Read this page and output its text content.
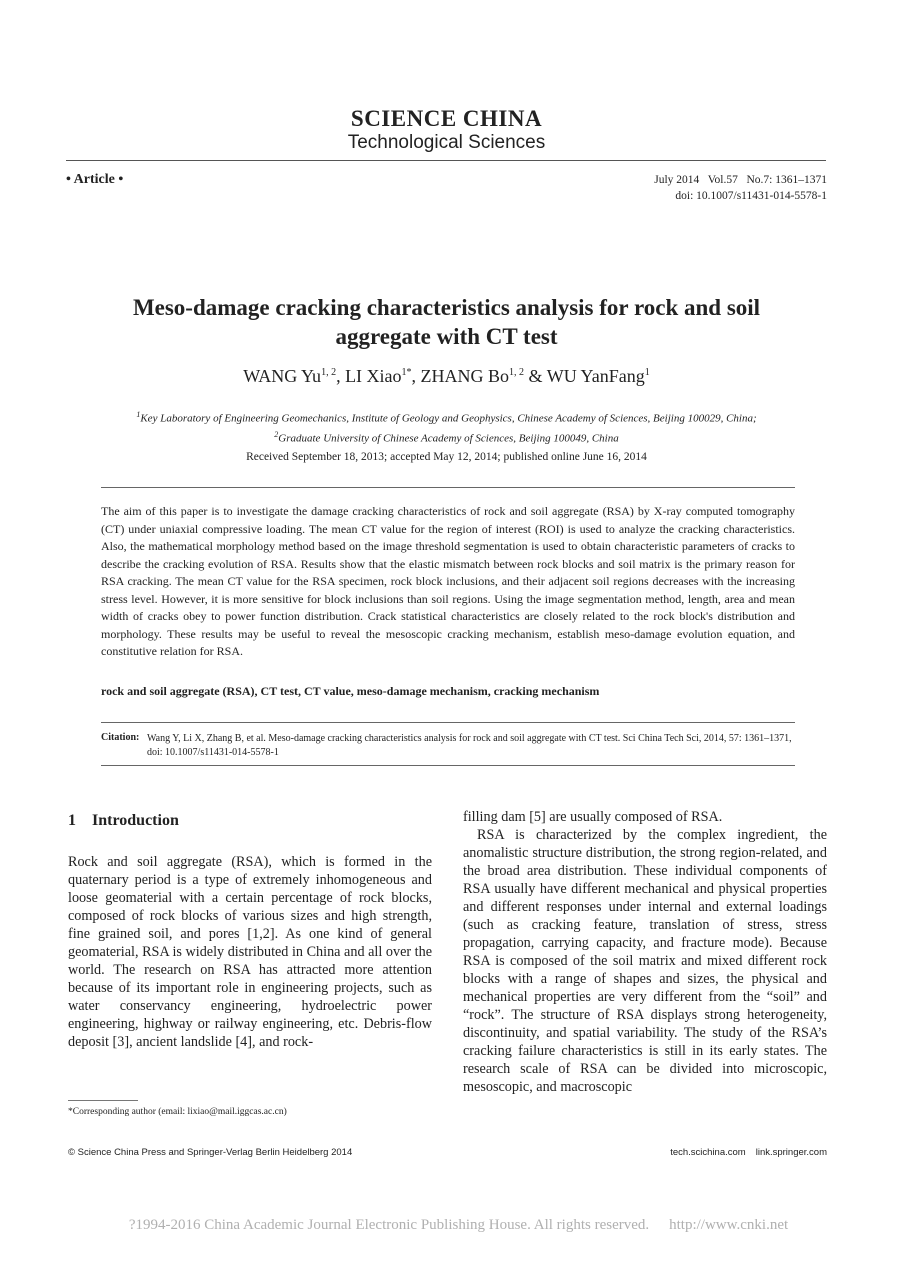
SCIENCE CHINA
Technological Sciences
• Article •	July 2014   Vol.57   No.7: 1361–1371
doi: 10.1007/s11431-014-5578-1
Meso-damage cracking characteristics analysis for rock and soil aggregate with CT test
WANG Yu$^{1, 2}$, LI Xiao$^{1*}$, ZHANG Bo$^{1, 2}$ & WU YanFang$^1$
$^1$Key Laboratory of Engineering Geomechanics, Institute of Geology and Geophysics, Chinese Academy of Sciences, Beijing 100029, China;
$^2$Graduate University of Chinese Academy of Sciences, Beijing 100049, China
Received September 18, 2013; accepted May 12, 2014; published online June 16, 2014
The aim of this paper is to investigate the damage cracking characteristics of rock and soil aggregate (RSA) by X-ray computed tomography (CT) under uniaxial compressive loading. The mean CT value for the region of interest (ROI) is used to analyze the cracking characteristics. Also, the mathematical morphology method based on the image threshold segmentation is used to obtain characteristic parameters of cracks to describe the cracking evolution of RSA. Results show that the elastic mismatch between rock blocks and soil matrix is the primary reason for RSA cracking. The mean CT value for the RSA specimen, rock block inclusions, and their adjacent soil regions decreases with the increasing stress level. However, it is more sensitive for block inclusions than soil regions. Using the image segmentation method, length, area and mean width of cracks obey to power function distribution. Crack statistical characteristics are closely related to the rock block's distribution and morphology. These results may be useful to reveal the mesoscopic cracking mechanism, establish meso-damage evolution equation, and constitutive relation for RSA.
rock and soil aggregate (RSA), CT test, CT value, meso-damage mechanism, cracking mechanism
Citation: Wang Y, Li X, Zhang B, et al. Meso-damage cracking characteristics analysis for rock and soil aggregate with CT test. Sci China Tech Sci, 2014, 57: 1361–1371, doi: 10.1007/s11431-014-5578-1
1 Introduction

Rock and soil aggregate (RSA), which is formed in the quaternary period is a type of extremely inhomogeneous and loose geomaterial with a certain percentage of rock blocks, composed of rock blocks of various sizes and high strength, fine grained soil, and pores [1,2]. As one kind of general geomaterial, RSA is widely distributed in China and all over the world. The research on RSA has attracted more attention because of its important role in engineering projects, such as water conservancy engineering, hydroelectric power engineering, highway or railway engineering, etc. Debris-flow deposit [3], ancient landslide [4], and rock-

filling dam [5] are usually composed of RSA.

RSA is characterized by the complex ingredient, the anomalistic structure distribution, the strong region-related, and the broad area distribution. These individual components of RSA usually have different mechanical and physical properties and different responses under internal and external loadings (such as cracking feature, translation of stress, stress propagation, carrying capacity, and fracture mode). Because RSA is composed of the soil matrix and mixed different rock blocks with a range of shapes and sizes, the physical and mechanical properties are very different from the “soil” and “rock”. The structure of RSA displays strong heterogeneity, discontinuity, and spatial variability. The study of the RSA’s cracking failure characteristics is still in its early states. The research scale of RSA can be divided into microscopic, mesoscopic, and macroscopic

*Corresponding author (email: lixiao@mail.iggcas.ac.cn)
© Science China Press and Springer-Verlag Berlin Heidelberg 2014	tech.scichina.com link.springer.com
?1994-2016 China Academic Journal Electronic Publishing House. All rights reserved. http://www.cnki.net
